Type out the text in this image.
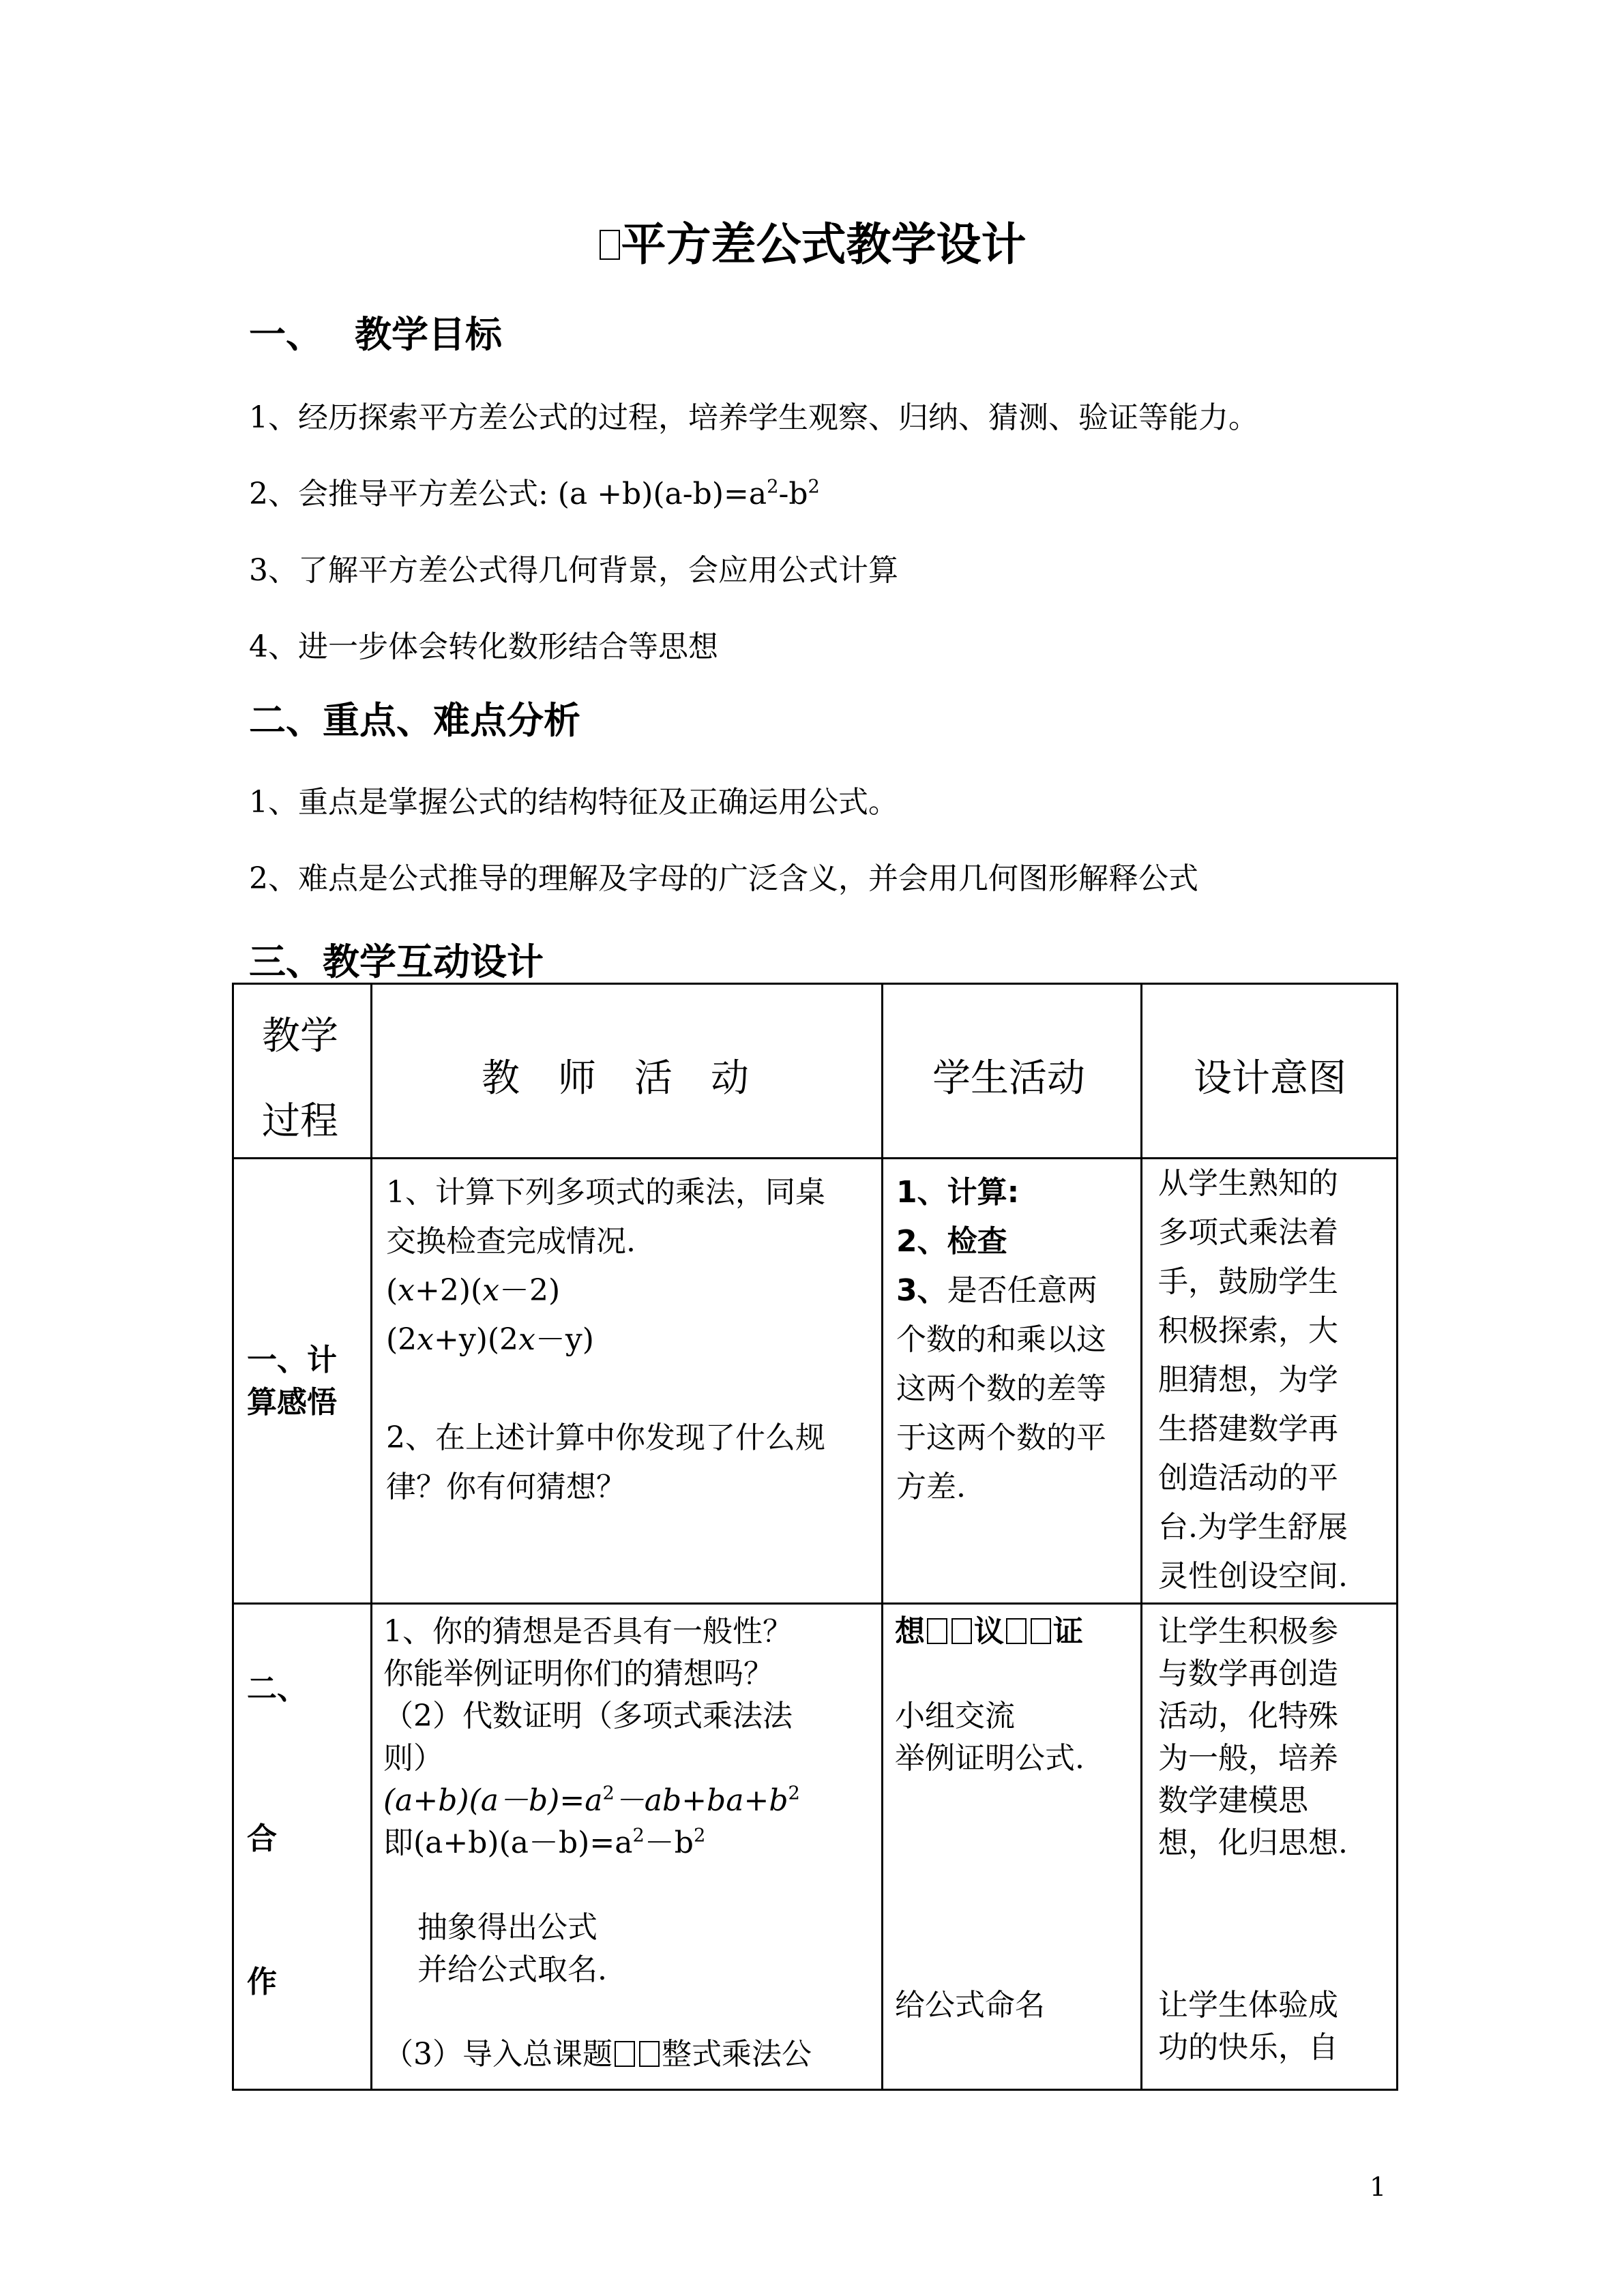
平方差公式教学设计
一、 教学目标
1、经历探索平方差公式的过程，培养学生观察、归纳、猜测、验证等能力。
2、会推导平方差公式: $(a +b)(a-b)=a^2-b^2$
3、了解平方差公式得几何背景，会应用公式计算
4、进一步体会转化数形结合等思想
二、重点、难点分析
1、重点是掌握公式的结构特征及正确运用公式。
2、难点是公式推导的理解及字母的广泛含义，并会用几何图形解释公式
三、教学互动设计
教学
过程
教　师　活　动	学生活动	设计意图
一、计
算感悟
1、计算下列多项式的乘法，同桌
交换检查完成情况.
(x+2)(x－2)
(2x+y)(2x－y)
2、在上述计算中你发现了什么规
律？你有何猜想？
1、计算:
2、检查
3、是否任意两
个数的和乘以这
这两个数的差等
于这两个数的平
方差.
从学生熟知的
多项式乘法着
手，鼓励学生
积极探索，大
胆猜想，为学
生搭建数学再
创造活动的平
台.为学生舒展
灵性创设空间.
二、
合
作
1、你的猜想是否具有一般性？
你能举例证明你们的猜想吗？
（2）代数证明（多项式乘法法
则）
$(a+b)(a-b)=a^2-ab+ba+b^2$
即$(a+b)(a-b)=a^2-b^2$
抽象得出公式
并给公式取名.
（3）导入总课题 整式乘法公
想 议 证
小组交流
举例证明公式.
给公式命名
让学生积极参
与数学再创造
活动，化特殊
为一般，培养
数学建模思
想，化归思想.
让学生体验成
功的快乐，自
1
